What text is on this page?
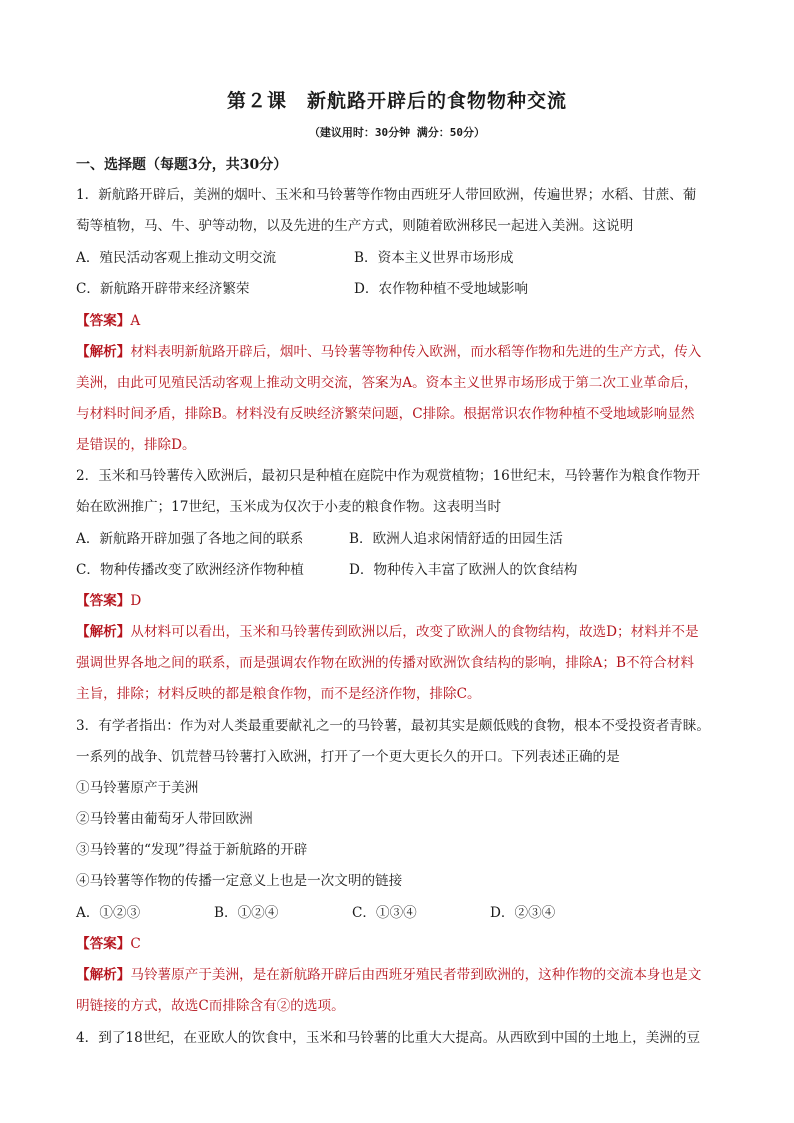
第２课　新航路开辟后的食物物种交流
（建议用时：30分钟 满分：50分）
一、选择题（每题3分，共30分）
1．新航路开辟后，美洲的烟叶、玉米和马铃薯等作物由西班牙人带回欧洲，传遍世界；水稻、甘蔗、葡
萄等植物，马、牛、驴等动物，以及先进的生产方式，则随着欧洲移民一起进入美洲。这说明
A．殖民活动客观上推动文明交流	B．资本主义世界市场形成
C．新航路开辟带来经济繁荣	D．农作物种植不受地域影响
【答案】A
【解析】材料表明新航路开辟后，烟叶、马铃薯等物种传入欧洲，而水稻等作物和先进的生产方式，传入
美洲，由此可见殖民活动客观上推动文明交流，答案为A。资本主义世界市场形成于第二次工业革命后，
与材料时间矛盾，排除B。材料没有反映经济繁荣问题，C排除。根据常识农作物种植不受地域影响显然
是错误的，排除D。
2．玉米和马铃薯传入欧洲后，最初只是种植在庭院中作为观赏植物；16世纪末，马铃薯作为粮食作物开
始在欧洲推广；17世纪，玉米成为仅次于小麦的粮食作物。这表明当时
A．新航路开辟加强了各地之间的联系	B．欧洲人追求闲情舒适的田园生活
C．物种传播改变了欧洲经济作物种植	D．物种传入丰富了欧洲人的饮食结构
【答案】D
【解析】从材料可以看出，玉米和马铃薯传到欧洲以后，改变了欧洲人的食物结构，故选D；材料并不是
强调世界各地之间的联系，而是强调农作物在欧洲的传播对欧洲饮食结构的影响，排除A；B不符合材料
主旨，排除；材料反映的都是粮食作物，而不是经济作物，排除C。
3．有学者指出：作为对人类最重要献礼之一的马铃薯，最初其实是颇低贱的食物，根本不受投资者青睐。
一系列的战争、饥荒替马铃薯打入欧洲，打开了一个更大更长久的开口。下列表述正确的是
①马铃薯原产于美洲
②马铃薯由葡萄牙人带回欧洲
③马铃薯的“发现”得益于新航路的开辟
④马铃薯等作物的传播一定意义上也是一次文明的链接
A．①②③	B．①②④	C．①③④	D．②③④
【答案】C
【解析】马铃薯原产于美洲，是在新航路开辟后由西班牙殖民者带到欧洲的，这种作物的交流本身也是文
明链接的方式，故选C而排除含有②的选项。
4．到了18世纪，在亚欧人的饮食中，玉米和马铃薯的比重大大提高。从西欧到中国的土地上，美洲的豆
